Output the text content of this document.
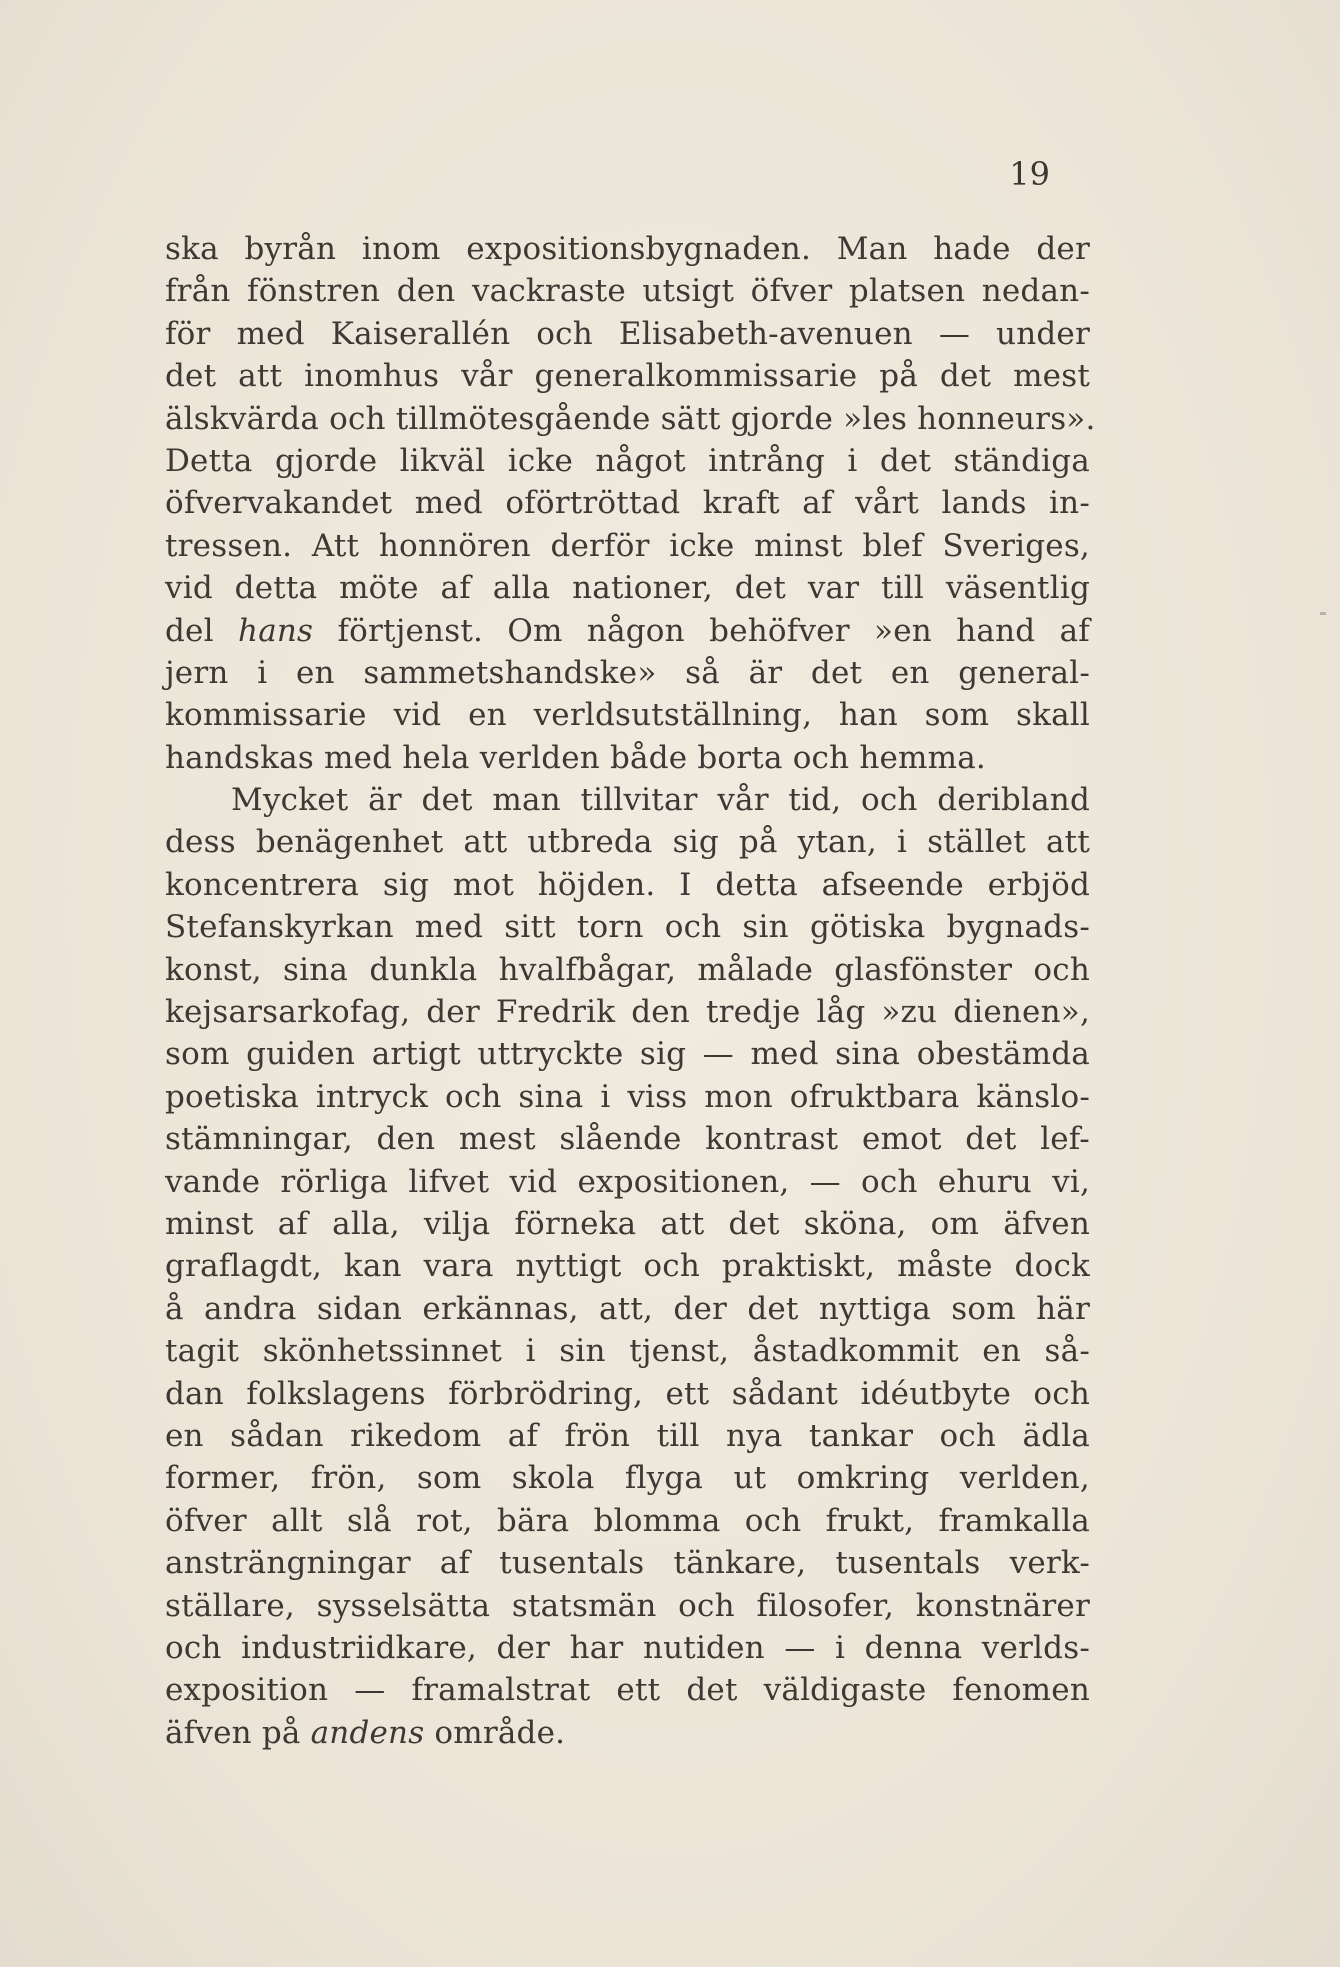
19
ska byrån inom expositionsbygnaden. Man hade der
från fönstren den vackraste utsigt öfver platsen nedan-
för med Kaiserallén och Elisabeth-avenuen — under
det att inomhus vår generalkommissarie på det mest
älskvärda och tillmötesgående sätt gjorde »les honneurs».
Detta gjorde likväl icke något intrång i det ständiga
öfvervakandet med oförtröttad kraft af vårt lands in-
tressen. Att honnören derför icke minst blef Sveriges,
vid detta möte af alla nationer, det var till väsentlig
del hans förtjenst. Om någon behöfver »en hand af
jern i en sammetshandske» så är det en general-
kommissarie vid en verldsutställning, han som skall
handskas med hela verlden både borta och hemma.
Mycket är det man tillvitar vår tid, och deribland
dess benägenhet att utbreda sig på ytan, i stället att
koncentrera sig mot höjden. I detta afseende erbjöd
Stefanskyrkan med sitt torn och sin götiska bygnads-
konst, sina dunkla hvalfbågar, målade glasfönster och
kejsarsarkofag, der Fredrik den tredje låg »zu dienen»,
som guiden artigt uttryckte sig — med sina obestämda
poetiska intryck och sina i viss mon ofruktbara känslo-
stämningar, den mest slående kontrast emot det lef-
vande rörliga lifvet vid expositionen, — och ehuru vi,
minst af alla, vilja förneka att det sköna, om äfven
graflagdt, kan vara nyttigt och praktiskt, måste dock
å andra sidan erkännas, att, der det nyttiga som här
tagit skönhetssinnet i sin tjenst, åstadkommit en så-
dan folkslagens förbrödring, ett sådant idéutbyte och
en sådan rikedom af frön till nya tankar och ädla
former, frön, som skola flyga ut omkring verlden,
öfver allt slå rot, bära blomma och frukt, framkalla
ansträngningar af tusentals tänkare, tusentals verk-
ställare, sysselsätta statsmän och filosofer, konstnärer
och industriidkare, der har nutiden — i denna verlds-
exposition — framalstrat ett det väldigaste fenomen
äfven på andens område.
